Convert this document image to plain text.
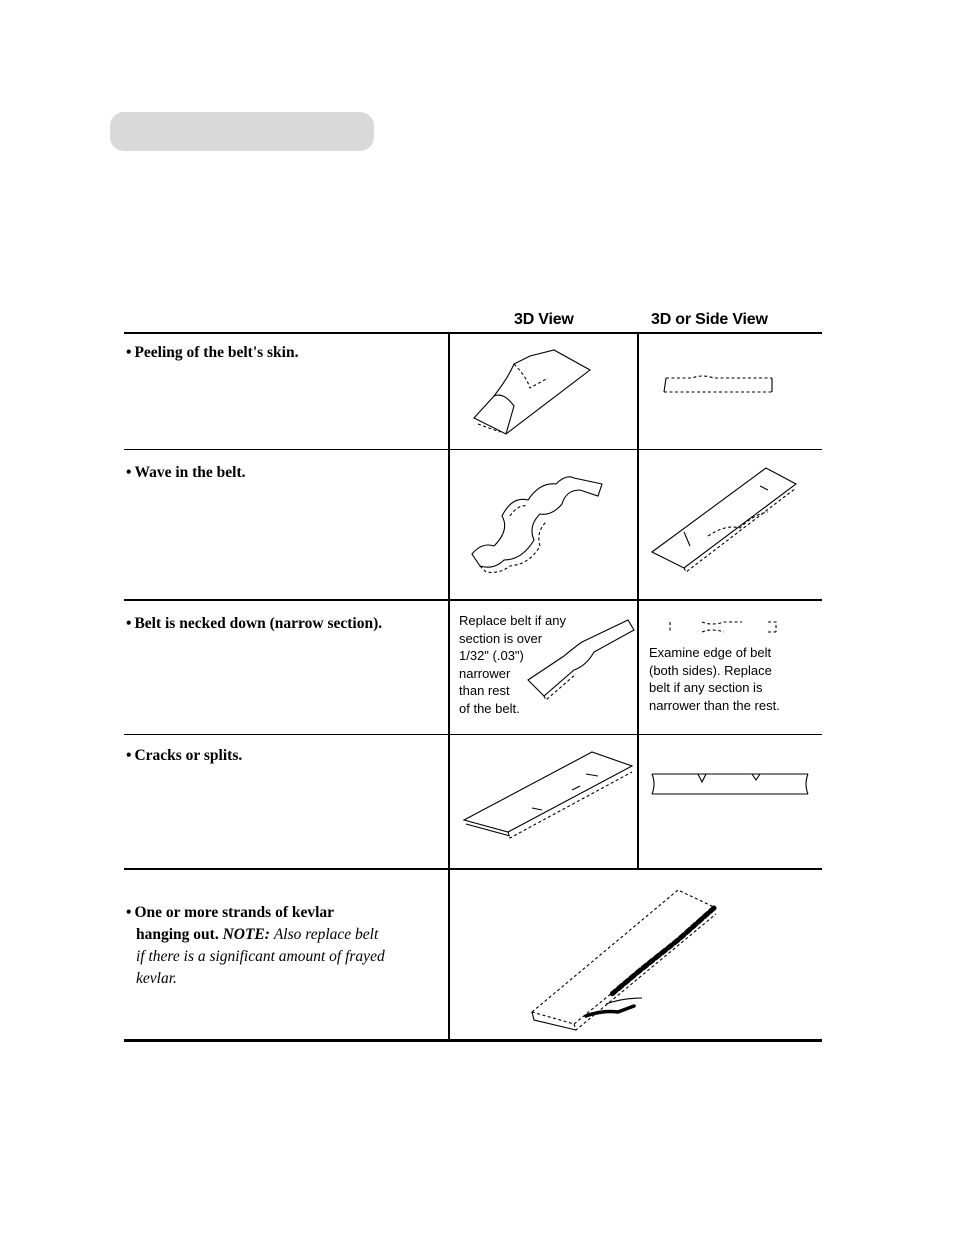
3D View	3D or Side View
• Peeling of the belt's skin.
• Wave in the belt.
• Belt is necked down (narrow section).	Replace belt if any
section is over
1/32" (.03")
narrower
than rest
of the belt.
Examine edge of belt
(both sides). Replace
belt if any section is
narrower than the rest.
• Cracks or splits.
• One or more strands of kevlar
hanging out. NOTE: Also replace belt
if there is a significant amount of frayed
kevlar.
